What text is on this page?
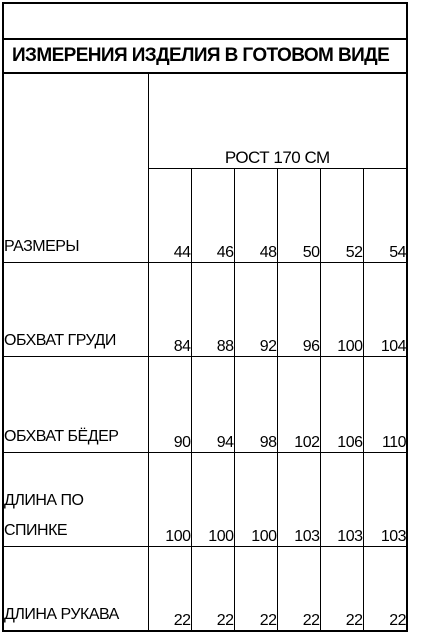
ИЗМЕРЕНИЯ ИЗДЕЛИЯ В ГОТОВОМ ВИДЕ
РАЗМЕРЫ	РОСТ 170 СМ					
	44	46	48	50	52	54
ОБХВАТ ГРУДИ	84	88	92	96	100	104
ОБХВАТ БЁДЕР	90	94	98	102	106	110

ДЛИНА ПО
СПИНКЕ	100	100	100	103	103	103
ДЛИНА РУКАВА	22	22	22	22	22	22
